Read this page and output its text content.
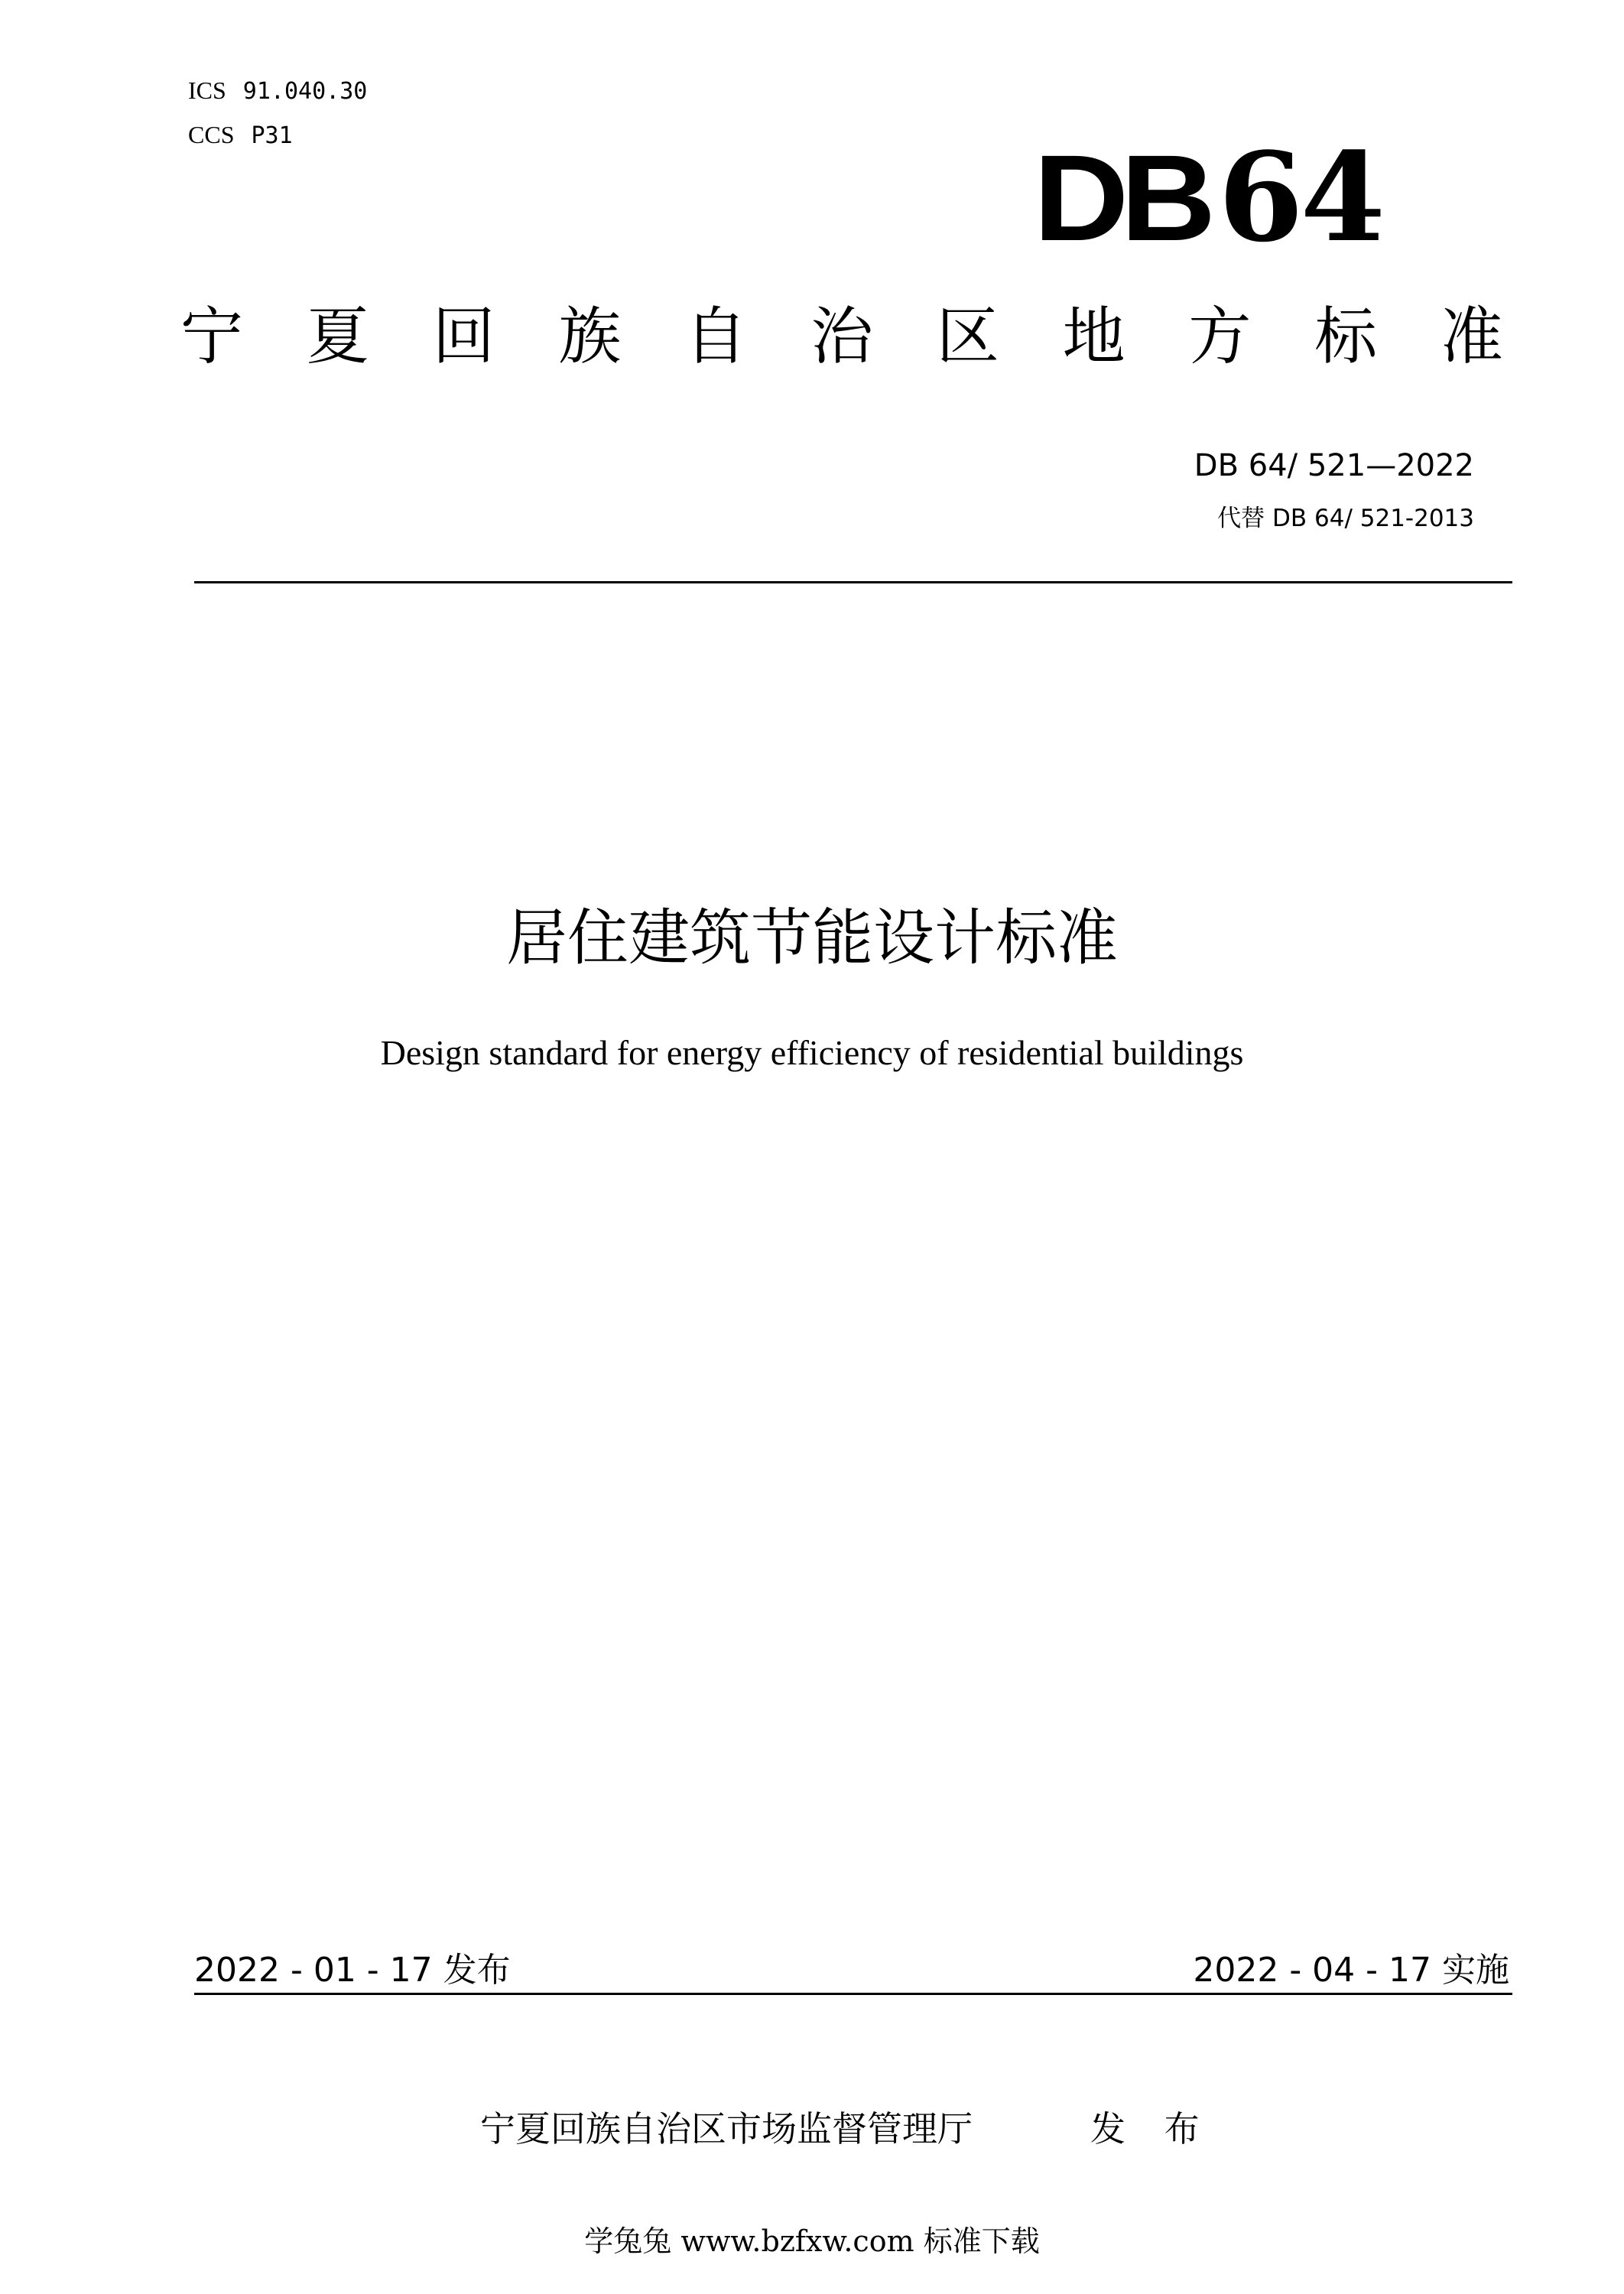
ICS 91.040.30
CCS P31	DB64
宁 夏 回 族 自 治 区 地 方 标 准
DB 64/ 521—2022
代替 DB 64/ 521-2013
居住建筑节能设计标准
Design standard for energy efficiency of residential buildings
2022 - 01 - 17 发布	2022 - 04 - 17 实施
宁夏回族自治区市场监督管理厅	发 布
学兔兔 www.bzfxw.com 标准下载
